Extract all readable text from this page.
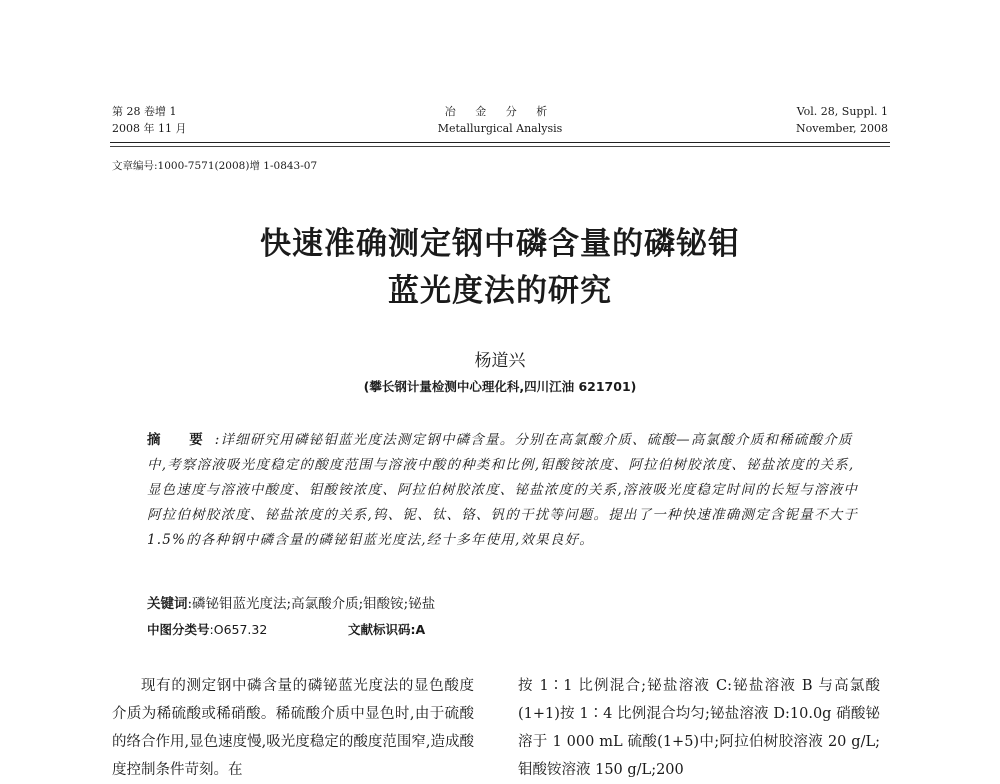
第 28 卷增 1
2008 年 11 月
冶 金 分 析
Metallurgical Analysis
Vol. 28, Suppl. 1
November, 2008
文章编号:1000-7571(2008)增 1-0843-07
快速准确测定钢中磷含量的磷铋钼
蓝光度法的研究
杨道兴
(攀长钢计量检测中心理化科,四川江油 621701)
摘 要:详细研究用磷铋钼蓝光度法测定钢中磷含量。分别在高氯酸介质、硫酸—高氯酸介质和稀硫酸介质中,考察溶液吸光度稳定的酸度范围与溶液中酸的种类和比例,钼酸铵浓度、阿拉伯树胶浓度、铋盐浓度的关系,显色速度与溶液中酸度、钼酸铵浓度、阿拉伯树胶浓度、铋盐浓度的关系,溶液吸光度稳定时间的长短与溶液中阿拉伯树胶浓度、铋盐浓度的关系,钨、铌、钛、铬、钒的干扰等问题。提出了一种快速准确测定含铌量不大于 1.5%的各种钢中磷含量的磷铋钼蓝光度法,经十多年使用,效果良好。
关键词:磷铋钼蓝光度法;高氯酸介质;钼酸铵;铋盐
中图分类号:O657.32	文献标识码:A

现有的测定钢中磷含量的磷铋蓝光度法的显色酸度介质为稀硫酸或稀硝酸。稀硫酸介质中显色时,由于硫酸的络合作用,显色速度慢,吸光度稳定的酸度范围窄,造成酸度控制条件苛刻。在

按 1∶1 比例混合;铋盐溶液 C:铋盐溶液 B 与高氯酸(1+1)按 1∶4 比例混合均匀;铋盐溶液 D:10.0g 硝酸铋溶于 1 000 mL 硫酸(1+5)中;阿拉伯树胶溶液 20 g/L;钼酸铵溶液 150 g/L;200
